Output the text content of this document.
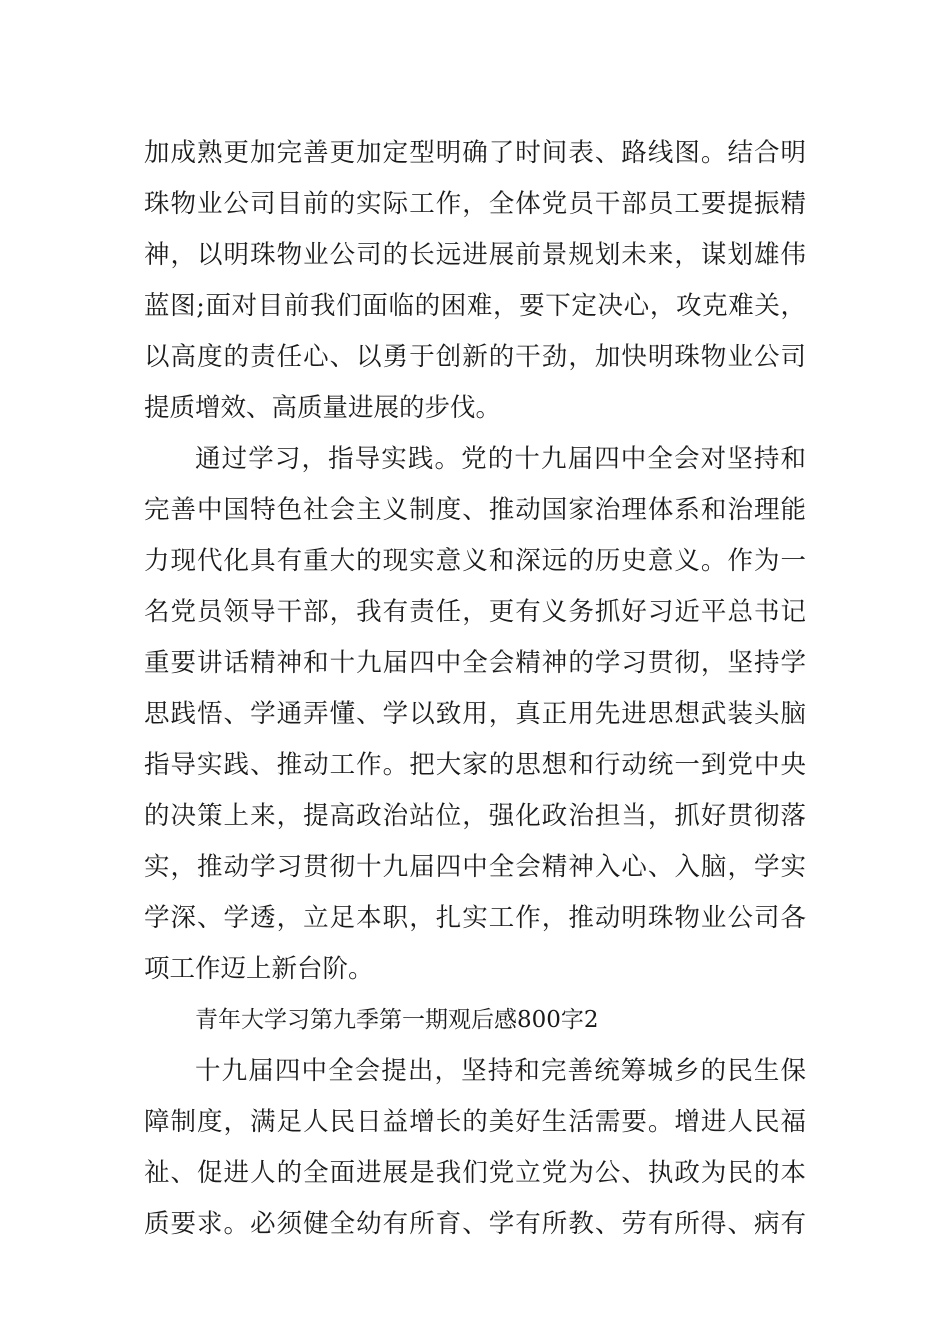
加成熟更加完善更加定型明确了时间表、路线图。结合明
珠物业公司目前的实际工作，全体党员干部员工要提振精
神，以明珠物业公司的长远进展前景规划未来，谋划雄伟
蓝图;面对目前我们面临的困难，要下定决心，攻克难关，
以高度的责任心、以勇于创新的干劲，加快明珠物业公司
提质增效、高质量进展的步伐。
通过学习，指导实践。党的十九届四中全会对坚持和
完善中国特色社会主义制度、推动国家治理体系和治理能
力现代化具有重大的现实意义和深远的历史意义。作为一
名党员领导干部，我有责任，更有义务抓好习近平总书记
重要讲话精神和十九届四中全会精神的学习贯彻，坚持学
思践悟、学通弄懂、学以致用，真正用先进思想武装头脑
指导实践、推动工作。把大家的思想和行动统一到党中央
的决策上来，提高政治站位，强化政治担当，抓好贯彻落
实，推动学习贯彻十九届四中全会精神入心、入脑，学实
学深、学透，立足本职，扎实工作，推动明珠物业公司各
项工作迈上新台阶。
青年大学习第九季第一期观后感800字2
十九届四中全会提出，坚持和完善统筹城乡的民生保
障制度，满足人民日益增长的美好生活需要。增进人民福
祉、促进人的全面进展是我们党立党为公、执政为民的本
质要求。必须健全幼有所育、学有所教、劳有所得、病有
